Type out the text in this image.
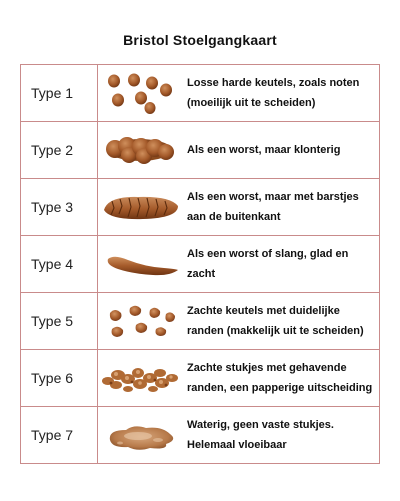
Bristol Stoelgangkaart
Type 1	Losse harde keutels, zoals noten (moeilijk uit te scheiden)

Type 2	Als een worst, maar klonterig

Type 3	Als een worst, maar met barstjes aan de buitenkant

Type 4	Als een worst of slang, glad en zacht

Type 5	Zachte keutels met duidelijke randen (makkelijk uit te scheiden)

Type 6	Zachte stukjes met gehavende randen, een papperige uitscheiding

Type 7	Waterig, geen vaste stukjes. Helemaal vloeibaar
